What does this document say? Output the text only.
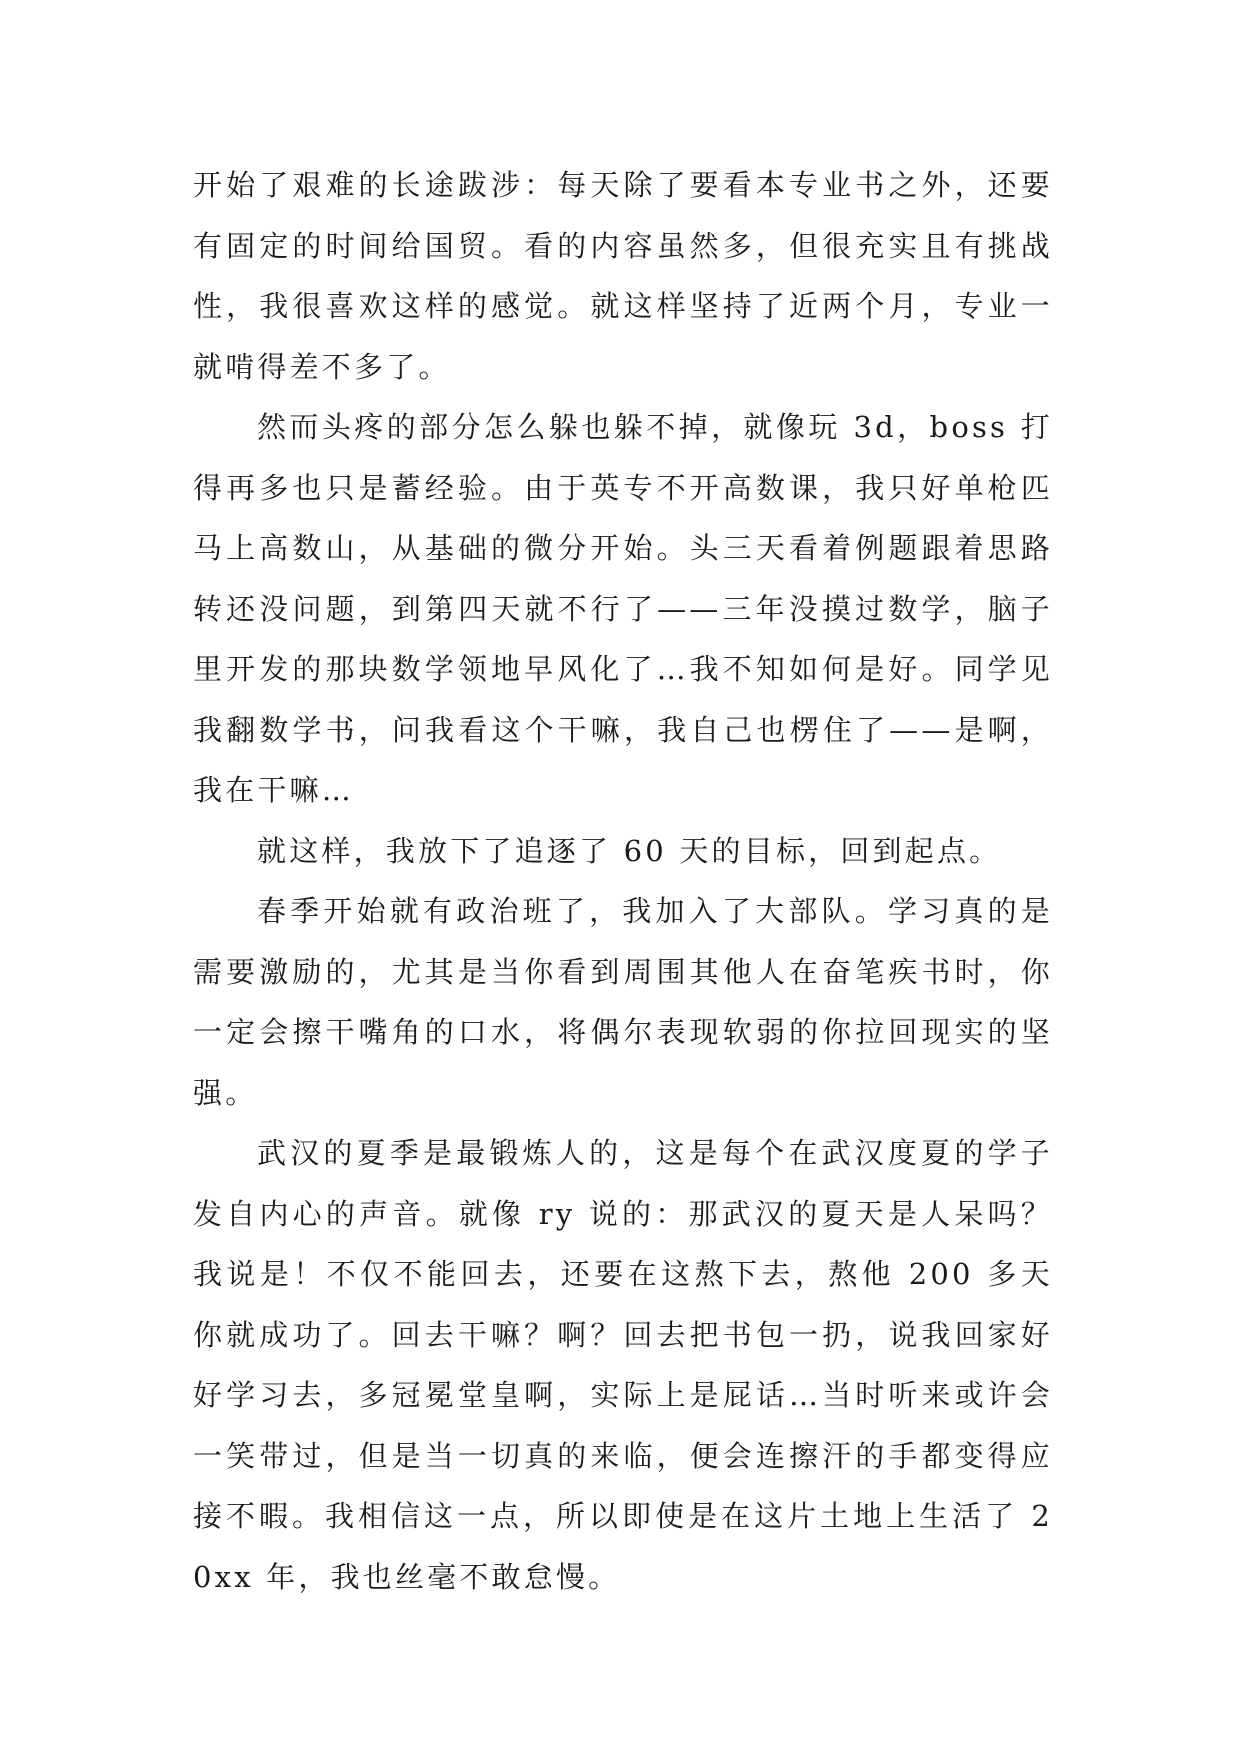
开始了艰难的长途跋涉：每天除了要看本专业书之外，还要有固定的时间给国贸。看的内容虽然多，但很充实且有挑战性，我很喜欢这样的感觉。就这样坚持了近两个月，专业一就啃得差不多了。

然而头疼的部分怎么躲也躲不掉，就像玩 3d，boss 打得再多也只是蓄经验。由于英专不开高数课，我只好单枪匹马上高数山，从基础的微分开始。头三天看着例题跟着思路转还没问题，到第四天就不行了——三年没摸过数学，脑子里开发的那块数学领地早风化了…我不知如何是好。同学见我翻数学书，问我看这个干嘛，我自己也楞住了——是啊，我在干嘛…

就这样，我放下了追逐了 60 天的目标，回到起点。

春季开始就有政治班了，我加入了大部队。学习真的是需要激励的，尤其是当你看到周围其他人在奋笔疾书时，你一定会擦干嘴角的口水，将偶尔表现软弱的你拉回现实的坚强。

武汉的夏季是最锻炼人的，这是每个在武汉度夏的学子发自内心的声音。就像 ry 说的：那武汉的夏天是人呆吗？我说是！不仅不能回去，还要在这熬下去，熬他 200 多天你就成功了。回去干嘛？啊？回去把书包一扔，说我回家好好学习去，多冠冕堂皇啊，实际上是屁话…当时听来或许会一笑带过，但是当一切真的来临，便会连擦汗的手都变得应接不暇。我相信这一点，所以即使是在这片土地上生活了 20xx 年，我也丝毫不敢怠慢。
